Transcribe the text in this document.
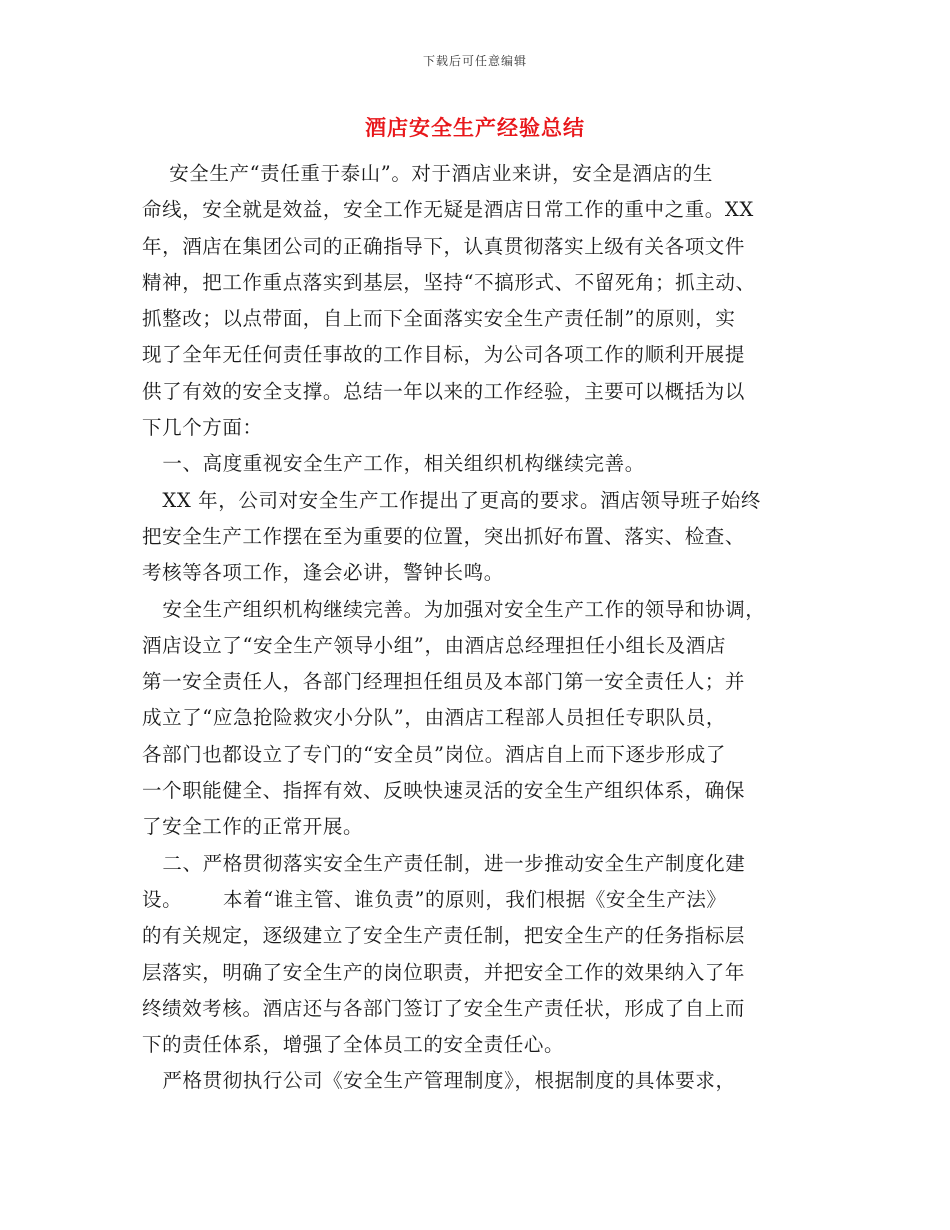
下载后可任意编辑
酒店安全生产经验总结
安全生产“责任重于泰山”。对于酒店业来讲，安全是酒店的生
命线，安全就是效益，安全工作无疑是酒店日常工作的重中之重。XX
年，酒店在集团公司的正确指导下，认真贯彻落实上级有关各项文件
精神，把工作重点落实到基层，坚持“不搞形式、不留死角；抓主动、
抓整改；以点带面，自上而下全面落实安全生产责任制”的原则，实
现了全年无任何责任事故的工作目标，为公司各项工作的顺利开展提
供了有效的安全支撑。总结一年以来的工作经验，主要可以概括为以
下几个方面：
一、高度重视安全生产工作，相关组织机构继续完善。
XX 年，公司对安全生产工作提出了更高的要求。酒店领导班子始终
把安全生产工作摆在至为重要的位置，突出抓好布置、落实、检查、
考核等各项工作，逢会必讲，警钟长鸣。
安全生产组织机构继续完善。为加强对安全生产工作的领导和协调，
酒店设立了“安全生产领导小组”，由酒店总经理担任小组长及酒店
第一安全责任人，各部门经理担任组员及本部门第一安全责任人；并
成立了“应急抢险救灾小分队”，由酒店工程部人员担任专职队员，
各部门也都设立了专门的“安全员”岗位。酒店自上而下逐步形成了
一个职能健全、指挥有效、反映快速灵活的安全生产组织体系，确保
了安全工作的正常开展。
二、严格贯彻落实安全生产责任制，进一步推动安全生产制度化建
设。      本着“谁主管、谁负责”的原则，我们根据《安全生产法》
的有关规定，逐级建立了安全生产责任制，把安全生产的任务指标层
层落实，明确了安全生产的岗位职责，并把安全工作的效果纳入了年
终绩效考核。酒店还与各部门签订了安全生产责任状，形成了自上而
下的责任体系，增强了全体员工的安全责任心。
严格贯彻执行公司《安全生产管理制度》，根据制度的具体要求，
